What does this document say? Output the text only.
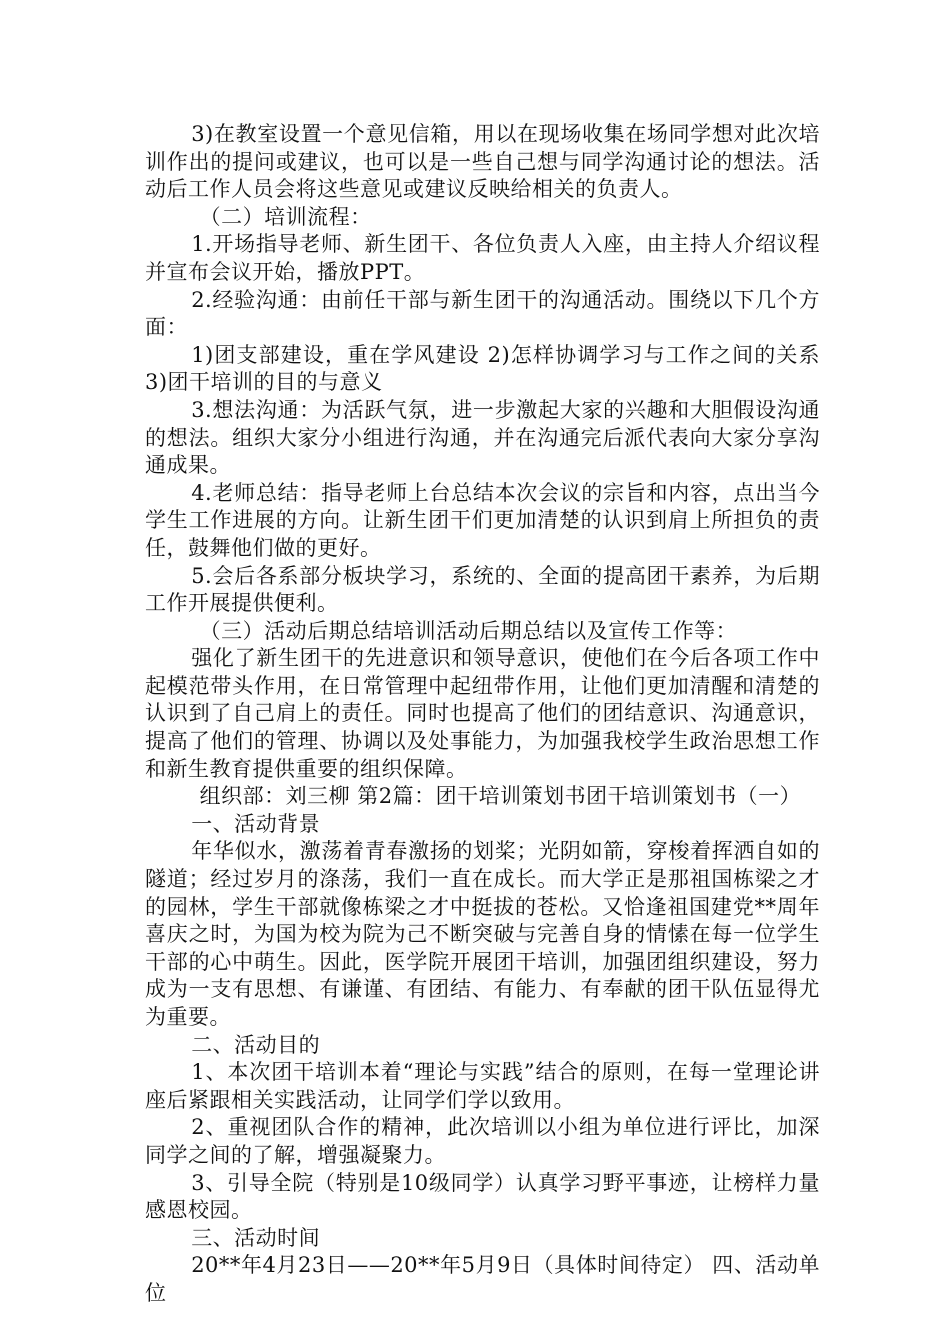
3)在教室设置一个意见信箱，用以在现场收集在场同学想对此次培训作出的提问或建议，也可以是一些自己想与同学沟通讨论的想法。活动后工作人员会将这些意见或建议反映给相关的负责人。

（二）培训流程：

1.开场指导老师、新生团干、各位负责人入座，由主持人介绍议程并宣布会议开始，播放PPT。

2.经验沟通：由前任干部与新生团干的沟通活动。围绕以下几个方面：

1)团支部建设，重在学风建设 2)怎样协调学习与工作之间的关系 3)团干培训的目的与意义

3.想法沟通：为活跃气氛，进一步激起大家的兴趣和大胆假设沟通的想法。组织大家分小组进行沟通，并在沟通完后派代表向大家分享沟通成果。

4.老师总结：指导老师上台总结本次会议的宗旨和内容，点出当今学生工作进展的方向。让新生团干们更加清楚的认识到肩上所担负的责任，鼓舞他们做的更好。

5.会后各系部分板块学习，系统的、全面的提高团干素养，为后期工作开展提供便利。

（三）活动后期总结培训活动后期总结以及宣传工作等：

强化了新生团干的先进意识和领导意识，使他们在今后各项工作中起模范带头作用，在日常管理中起纽带作用，让他们更加清醒和清楚的认识到了自己肩上的责任。同时也提高了他们的团结意识、沟通意识，提高了他们的管理、协调以及处事能力，为加强我校学生政治思想工作和新生教育提供重要的组织保障。

组织部：刘三柳 第2篇：团干培训策划书团干培训策划书（一）

一、活动背景

年华似水，激荡着青春激扬的划桨；光阴如箭，穿梭着挥洒自如的隧道；经过岁月的涤荡，我们一直在成长。而大学正是那祖国栋梁之才的园林，学生干部就像栋梁之才中挺拔的苍松。又恰逢祖国建党**周年喜庆之时，为国为校为院为己不断突破与完善自身的情愫在每一位学生干部的心中萌生。因此，医学院开展团干培训，加强团组织建设，努力成为一支有思想、有谦谨、有团结、有能力、有奉献的团干队伍显得尤为重要。

二、活动目的

1、本次团干培训本着“理论与实践”结合的原则，在每一堂理论讲座后紧跟相关实践活动，让同学们学以致用。

2、重视团队合作的精神，此次培训以小组为单位进行评比，加深同学之间的了解，增强凝聚力。

3、引导全院（特别是10级同学）认真学习野平事迹，让榜样力量感恩校园。

三、活动时间

20**年4月23日——20**年5月9日（具体时间待定） 四、活动单位
